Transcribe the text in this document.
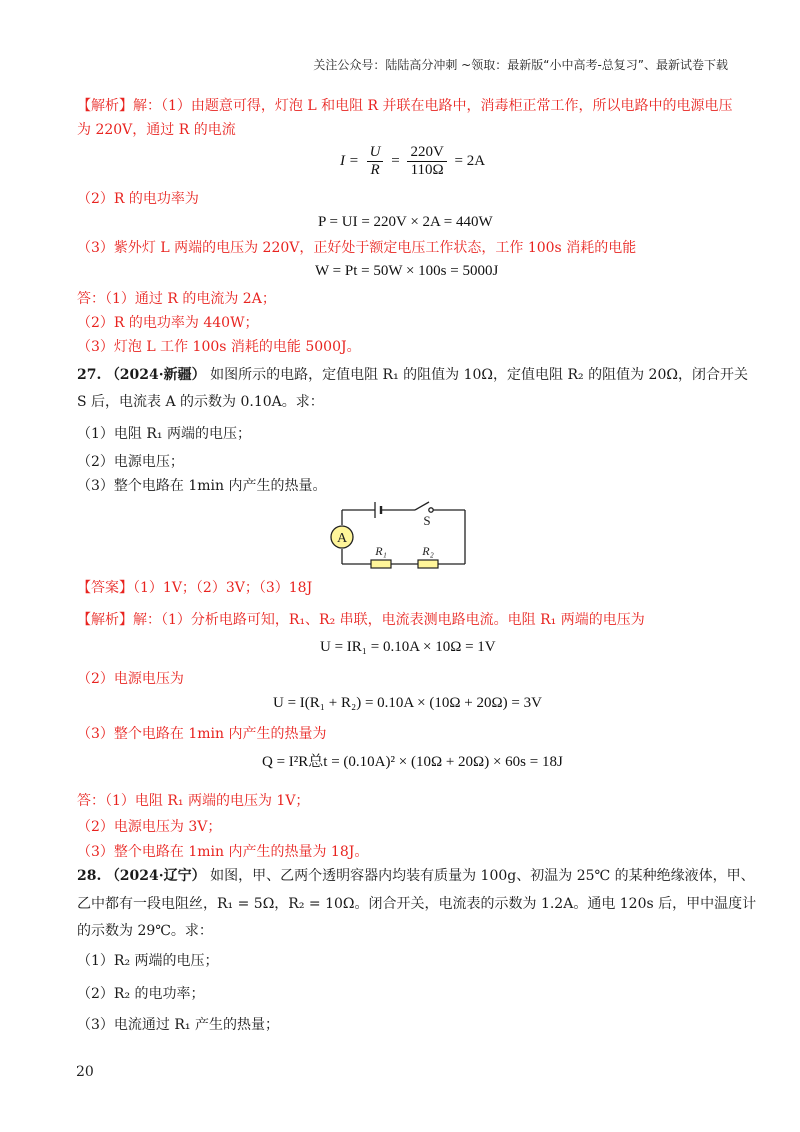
关注公众号：陆陆高分冲刺 ~领取：最新版“小中高考-总复习”、最新试卷下载
【解析】解：（1）由题意可得，灯泡 L 和电阻 R 并联在电路中，消毒柜正常工作，所以电路中的电源电压
为 220V，通过 R 的电流
$I = \frac{U}{R} = \frac{220V}{110\Omega} = 2A$
（2）R 的电功率为
P = UI = 220V × 2A = 440W
（3）紫外灯 L 两端的电压为 220V，正好处于额定电压工作状态，工作 100s 消耗的电能
W = Pt = 50W × 100s = 5000J
答：（1）通过 R 的电流为 2A；
（2）R 的电功率为 440W；
（3）灯泡 L 工作 100s 消耗的电能 5000J。
27. （2024·新疆） 如图所示的电路，定值电阻 R₁ 的阻值为 10Ω，定值电阻 R₂ 的阻值为 20Ω，闭合开关
S 后，电流表 A 的示数为 0.10A。求：
（1）电阻 R₁ 两端的电压；
（2）电源电压；
（3）整个电路在 1min 内产生的热量。
A
S
R₁	R₂
【答案】（1）1V；（2）3V；（3）18J
【解析】解：（1）分析电路可知，R₁、R₂ 串联，电流表测电路电流。电阻 R₁ 两端的电压为
U = IR₁ = 0.10A × 10Ω = 1V
（2）电源电压为
U = I(R₁ + R₂) = 0.10A × (10Ω + 20Ω) = 3V
（3）整个电路在 1min 内产生的热量为
Q = I²R总t = (0.10A)² × (10Ω + 20Ω) × 60s = 18J
答：（1）电阻 R₁ 两端的电压为 1V；
（2）电源电压为 3V；
（3）整个电路在 1min 内产生的热量为 18J。
28. （2024·辽宁） 如图，甲、乙两个透明容器内均装有质量为 100g、初温为 25℃ 的某种绝缘液体，甲、
乙中都有一段电阻丝，R₁ = 5Ω，R₂ = 10Ω。闭合开关，电流表的示数为 1.2A。通电 120s 后，甲中温度计
的示数为 29℃。求：
（1）R₂ 两端的电压；
（2）R₂ 的电功率；
（3）电流通过 R₁ 产生的热量；
20
